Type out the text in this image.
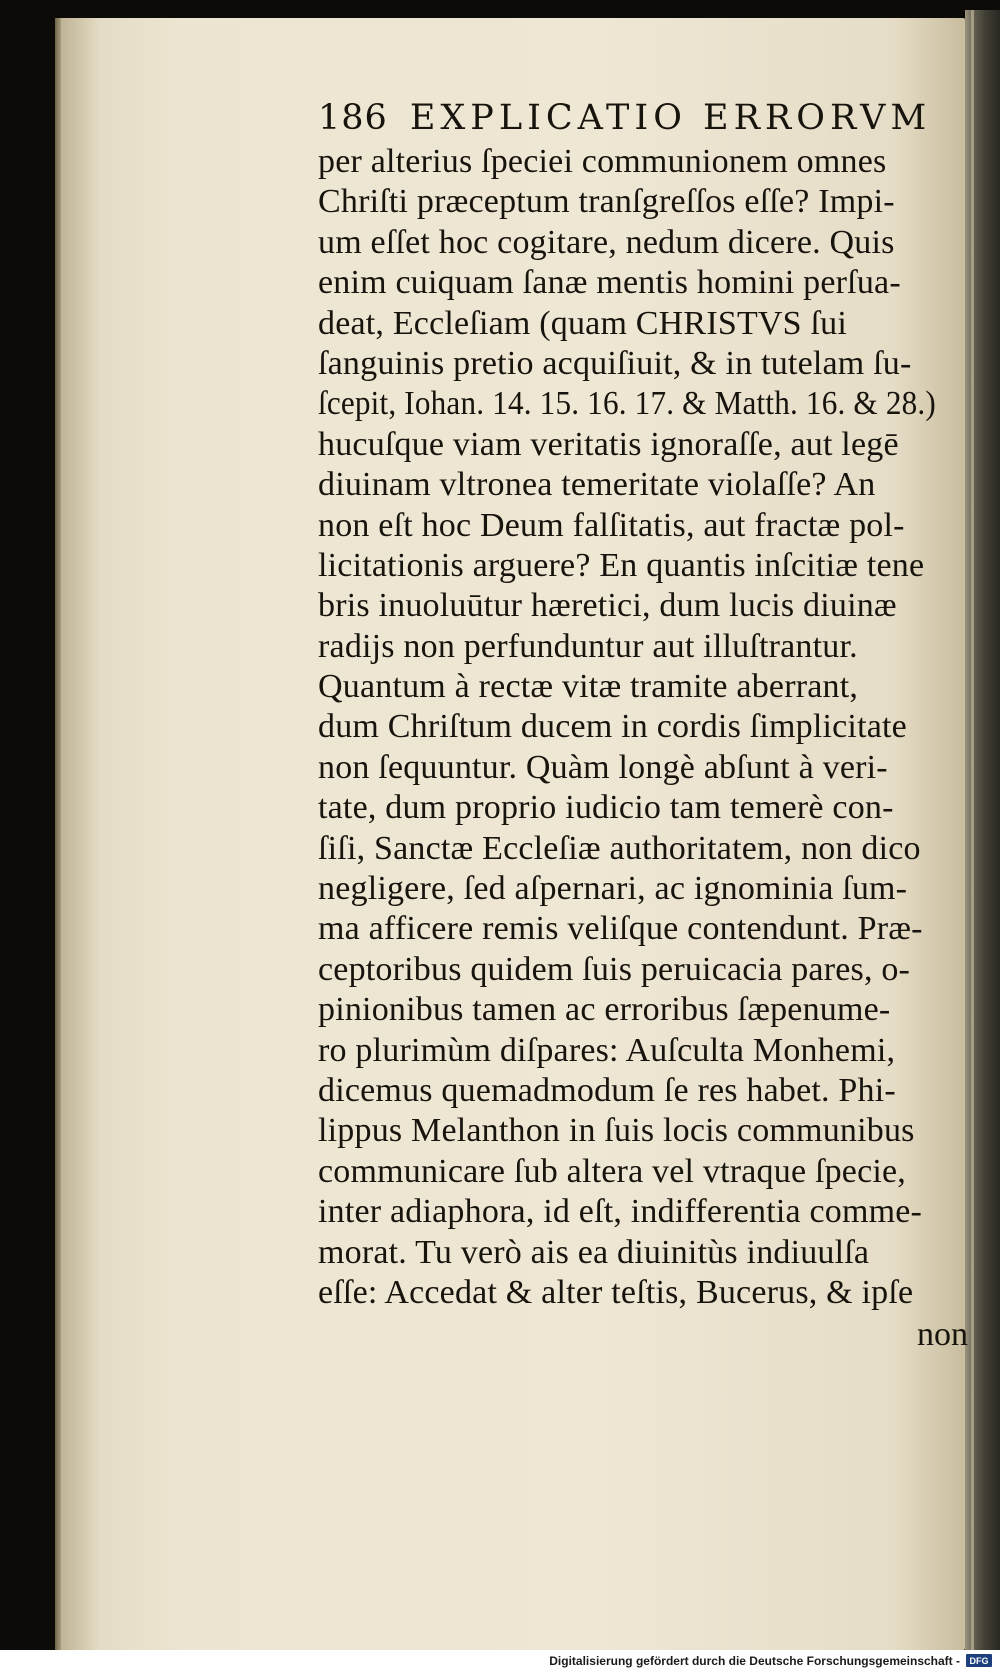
186 EXPLICATIO ERRORVM
per alterius ſpeciei communionem omnes
Chriſti præceptum tranſgreſſos eſſe? Impi-
um eſſet hoc cogitare, nedum dicere. Quis
enim cuiquam ſanæ mentis homini perſua-
deat, Eccleſiam (quam CHRISTVS ſui
ſanguinis pretio acquiſiuit, & in tutelam ſu-
ſcepit, Iohan. 14. 15. 16. 17. & Matth. 16. & 28.)
hucuſque viam veritatis ignoraſſe, aut legē
diuinam vltronea temeritate violaſſe? An
non eſt hoc Deum falſitatis, aut fractæ pol-
licitationis arguere? En quantis inſcitiæ tene
bris inuoluūtur hæretici, dum lucis diuinæ
radijs non perfunduntur aut illuſtrantur.
Quantum à rectæ vitæ tramite aberrant,
dum Chriſtum ducem in cordis ſimplicitate
non ſequuntur. Quàm longè abſunt à veri-
tate, dum proprio iudicio tam temerè con-
ſiſi, Sanctæ Eccleſiæ authoritatem, non dico
negligere, ſed aſpernari, ac ignominia ſum-
ma afficere remis veliſque contendunt. Præ-
ceptoribus quidem ſuis peruicacia pares, o-
pinionibus tamen ac erroribus ſæpenume-
ro plurimùm diſpares: Auſculta Monhemi,
dicemus quemadmodum ſe res habet. Phi-
lippus Melanthon in ſuis locis communibus
communicare ſub altera vel vtraque ſpecie,
inter adiaphora, id eſt, indifferentia comme-
morat. Tu verò ais ea diuinitùs indiuulſa
eſſe: Accedat & alter teſtis, Bucerus, & ipſe
non
Digitalisierung gefördert durch die Deutsche Forschungsgemeinschaft -	DFG
